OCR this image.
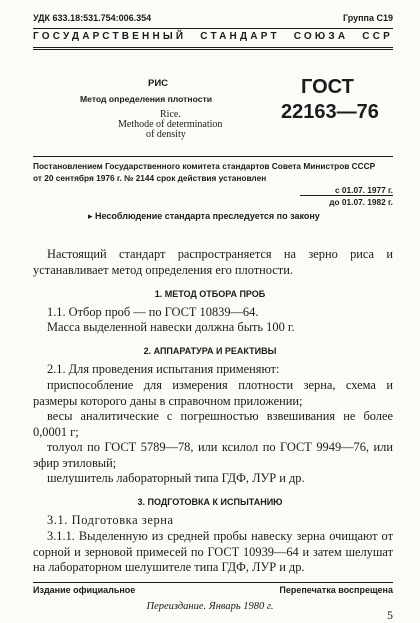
УДК 633.18:531.754:006.354	Группа С19
ГОСУДАРСТВЕННЫЙ СТАНДАРТ СОЮЗА ССР
РИС
Метод определения плотности
Rice.
Methode of determination
of density
ГОСТ
22163—76
Постановлением Государственного комитета стандартов Совета Министров СССР
от 20 сентября 1976 г. № 2144 срок действия установлен
с 01.07. 1977 г.
до 01.07. 1982 г.
▸ Несоблюдение стандарта преследуется по закону

Настоящий стандарт распространяется на зерно риса и устанавливает метод определения его плотности.

1. МЕТОД ОТБОРА ПРОБ

1.1. Отбор проб — по ГОСТ 10839—64.

Масса выделенной навески должна быть 100 г.

2. АППАРАТУРА И РЕАКТИВЫ

2.1. Для проведения испытания применяют:

приспособление для измерения плотности зерна, схема и размеры которого даны в справочном приложении;

весы аналитические с погрешностью взвешивания не более 0,0001 г;

толуол по ГОСТ 5789—78, или ксилол по ГОСТ 9949—76, или эфир этиловый;

шелушитель лабораторный типа ГДФ, ЛУР и др.

3. ПОДГОТОВКА К ИСПЫТАНИЮ

3.1. Подготовка зерна

3.1.1. Выделенную из средней пробы навеску зерна очищают от сорной и зерновой примесей по ГОСТ 10939—64 и затем шелушат на лабораторном шелушителе типа ГДФ, ЛУР и др.

Издание официальное	Перепечатка воспрещена
Переиздание. Январь 1980 г.
5
